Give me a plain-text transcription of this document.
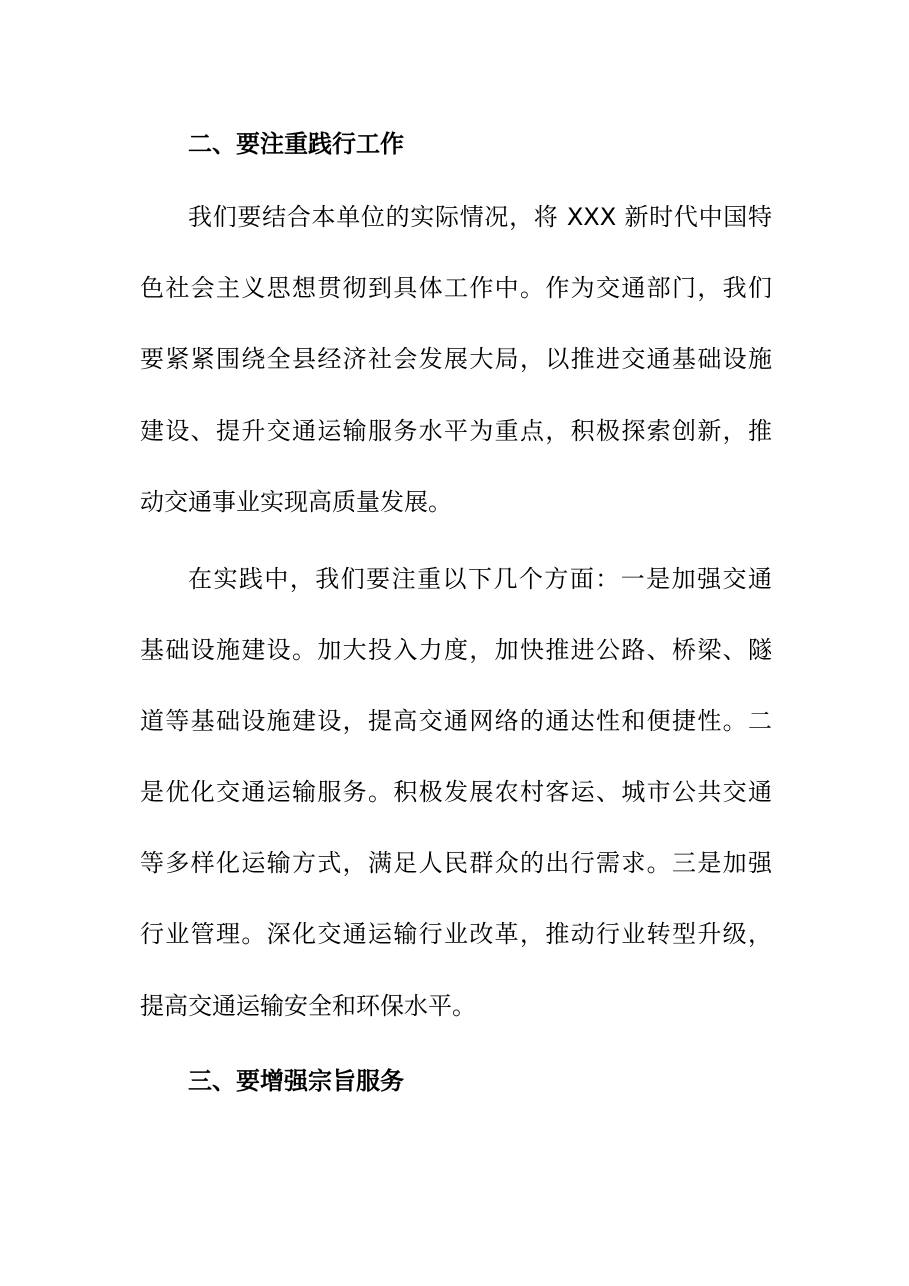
二、要注重践行工作
我们要结合本单位的实际情况，将 XXX 新时代中国特
色社会主义思想贯彻到具体工作中。作为交通部门，我们
要紧紧围绕全县经济社会发展大局，以推进交通基础设施
建设、提升交通运输服务水平为重点，积极探索创新，推
动交通事业实现高质量发展。
在实践中，我们要注重以下几个方面：一是加强交通
基础设施建设。加大投入力度，加快推进公路、桥梁、隧
道等基础设施建设，提高交通网络的通达性和便捷性。二
是优化交通运输服务。积极发展农村客运、城市公共交通
等多样化运输方式，满足人民群众的出行需求。三是加强
行业管理。深化交通运输行业改革，推动行业转型升级，
提高交通运输安全和环保水平。
三、要增强宗旨服务
